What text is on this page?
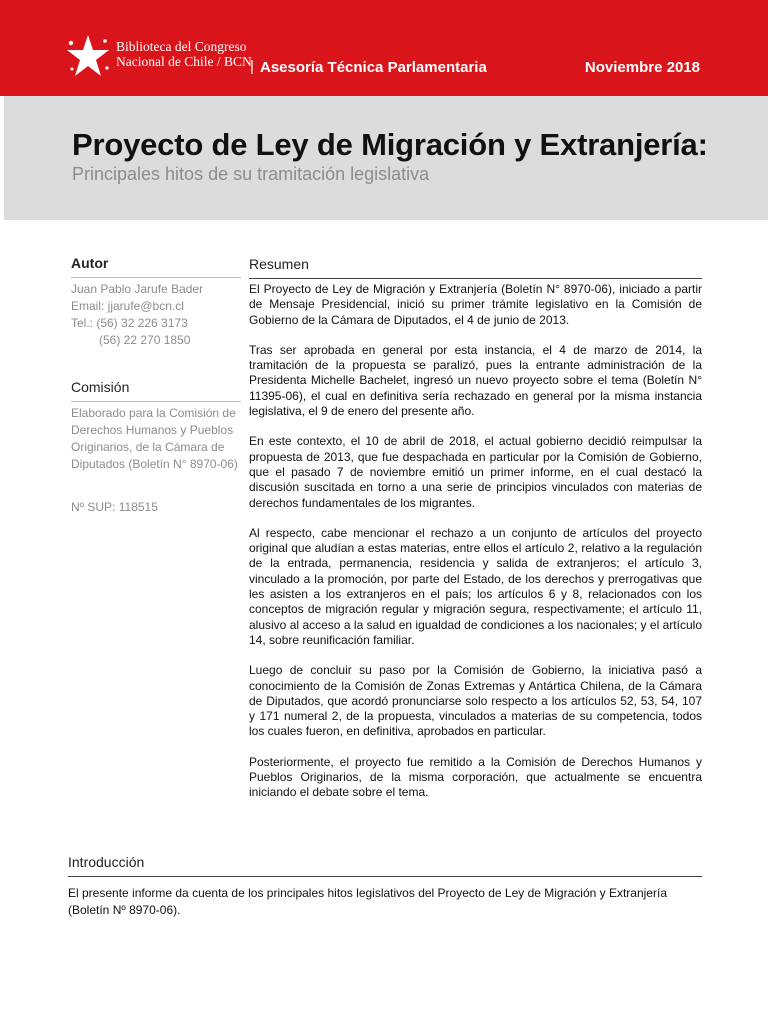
Biblioteca del Congreso
Nacional de Chile / BCN
| Asesoría Técnica Parlamentaria	Noviembre 2018
Proyecto de Ley de Migración y Extranjería:
Principales hitos de su tramitación legislativa
Autor
Juan Pablo Jarufe Bader
Email: jjarufe@bcn.cl
Tel.: (56) 32 226 3173
(56) 22 270 1850
Comisión
Elaborado para la Comisión de Derechos Humanos y Pueblos Originarios, de la Cámara de Diputados (Boletín N° 8970-06)
Nº SUP: 118515
Resumen

El Proyecto de Ley de Migración y Extranjería (Boletín N° 8970-06), iniciado a partir de Mensaje Presidencial, inició su primer trámite legislativo en la Comisión de Gobierno de la Cámara de Diputados, el 4 de junio de 2013.

Tras ser aprobada en general por esta instancia, el 4 de marzo de 2014, la tramitación de la propuesta se paralizó, pues la entrante administración de la Presidenta Michelle Bachelet, ingresó un nuevo proyecto sobre el tema (Boletín N° 11395-06), el cual en definitiva sería rechazado en general por la misma instancia legislativa, el 9 de enero del presente año.

En este contexto, el 10 de abril de 2018, el actual gobierno decidió reimpulsar la propuesta de 2013, que fue despachada en particular por la Comisión de Gobierno, que el pasado 7 de noviembre emitió un primer informe, en el cual destacó la discusión suscitada en torno a una serie de principios vinculados con materias de derechos fundamentales de los migrantes.

Al respecto, cabe mencionar el rechazo a un conjunto de artículos del proyecto original que aludían a estas materias, entre ellos el artículo 2, relativo a la regulación de la entrada, permanencia, residencia y salida de extranjeros; el artículo 3, vinculado a la promoción, por parte del Estado, de los derechos y prerrogativas que les asisten a los extranjeros en el país; los artículos 6 y 8, relacionados con los conceptos de migración regular y migración segura, respectivamente; el artículo 11, alusivo al acceso a la salud en igualdad de condiciones a los nacionales; y el artículo 14, sobre reunificación familiar.

Luego de concluir su paso por la Comisión de Gobierno, la iniciativa pasó a conocimiento de la Comisión de Zonas Extremas y Antártica Chilena, de la Cámara de Diputados, que acordó pronunciarse solo respecto a los artículos 52, 53, 54, 107 y 171 numeral 2, de la propuesta, vinculados a materias de su competencia, todos los cuales fueron, en definitiva, aprobados en particular.

Posteriormente, el proyecto fue remitido a la Comisión de Derechos Humanos y Pueblos Originarios, de la misma corporación, que actualmente se encuentra iniciando el debate sobre el tema.

Introducción
El presente informe da cuenta de los principales hitos legislativos del Proyecto de Ley de Migración y Extranjería (Boletín Nº 8970-06).
